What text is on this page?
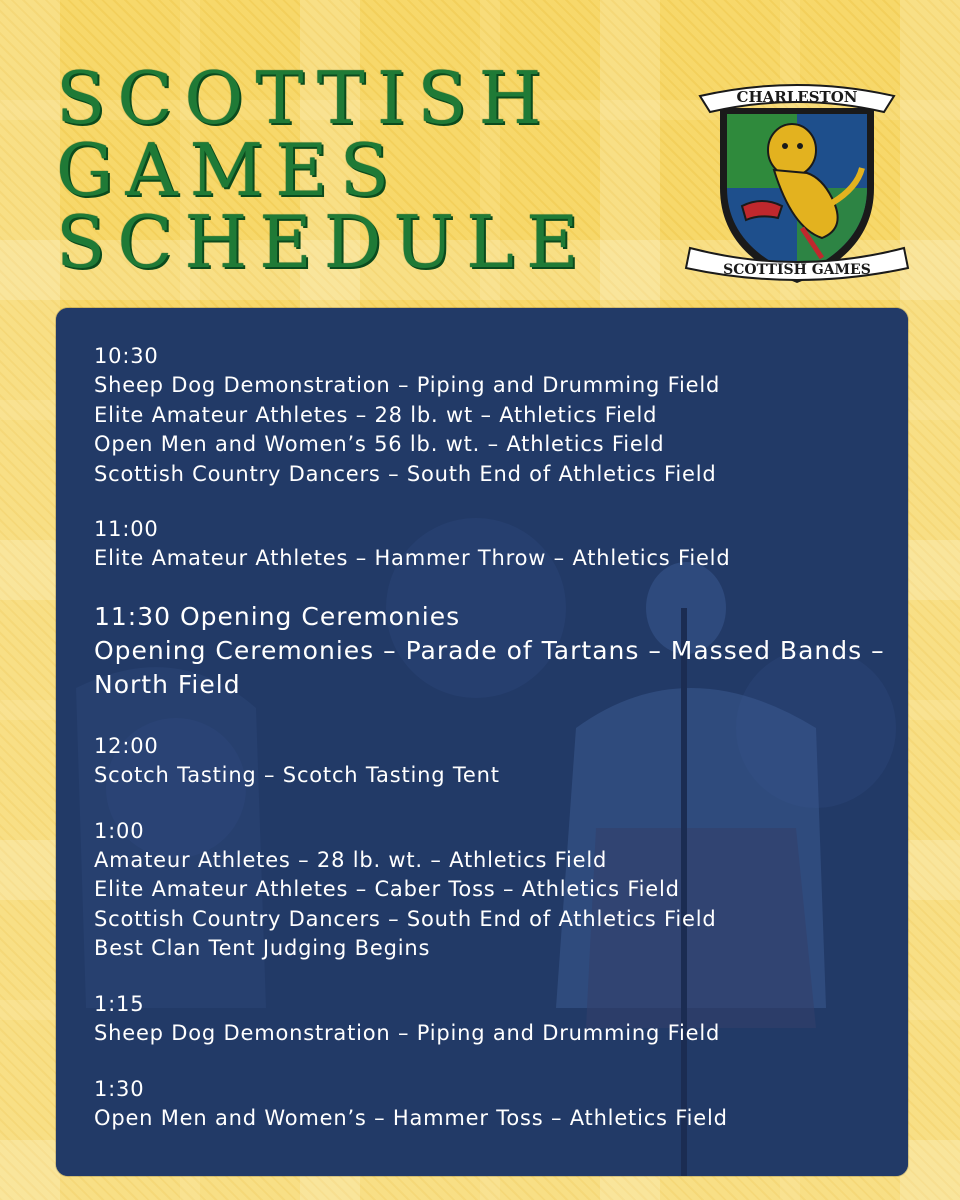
SCOTTISH
GAMES
SCHEDULE
CHARLESTON
SCOTTISH GAMES
10:30
Sheep Dog Demonstration – Piping and Drumming Field
Elite Amateur Athletes – 28 lb. wt – Athletics Field
Open Men and Women’s 56 lb. wt. – Athletics Field
Scottish Country Dancers – South End of Athletics Field
11:00
Elite Amateur Athletes – Hammer Throw – Athletics Field
11:30 Opening Ceremonies
Opening Ceremonies – Parade of Tartans – Massed Bands – North Field
12:00
Scotch Tasting – Scotch Tasting Tent
1:00
Amateur Athletes – 28 lb. wt. – Athletics Field
Elite Amateur Athletes – Caber Toss – Athletics Field
Scottish Country Dancers – South End of Athletics Field
Best Clan Tent Judging Begins
1:15
Sheep Dog Demonstration – Piping and Drumming Field
1:30
Open Men and Women’s – Hammer Toss – Athletics Field
